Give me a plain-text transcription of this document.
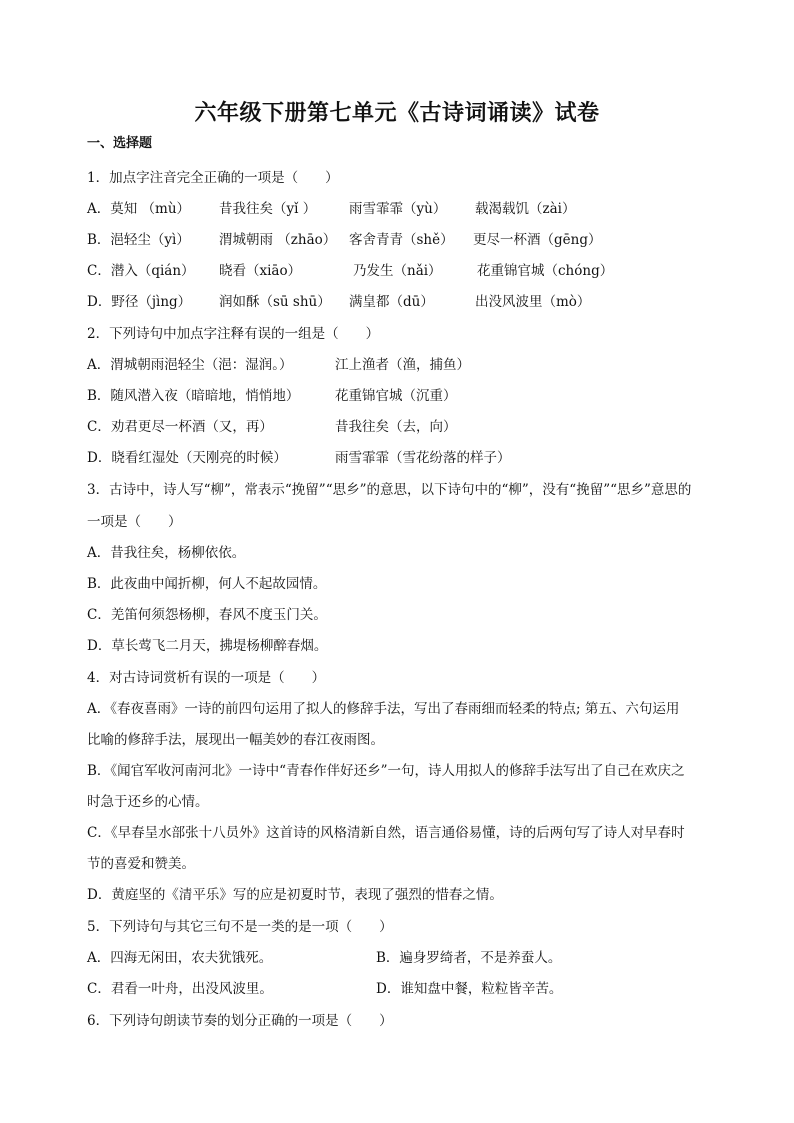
六年级下册第七单元《古诗词诵读》试卷
一、选择题
1．加点字注音完全正确的一项是（　　）
A．莫知 （mù） 昔我往矣（yǐ ） 雨雪霏霏（yù） 载渴载饥（zài）
B．浥轻尘（yì） 渭城朝雨 （zhāo） 客舍青青（shě） 更尽一杯酒（gēng）
C．潜入（qián） 晓看（xiāo）	乃发生（nǎi）	花重锦官城（chóng）
D．野径（jìng） 润如酥（sū shū） 满皇都（dū）	出没风波里（mò）
2．下列诗句中加点字注释有误的一组是（　　）
A．渭城朝雨浥轻尘（浥：湿润。）	江上渔者（渔，捕鱼）
B．随风潜入夜（暗暗地，悄悄地）	花重锦官城（沉重）
C．劝君更尽一杯酒（又，再）	昔我往矣（去，向）
D．晓看红湿处（天刚亮的时候）	雨雪霏霏（雪花纷落的样子）
3．古诗中，诗人写“柳”，常表示“挽留”“思乡”的意思，以下诗句中的“柳”，没有“挽留”“思乡”意思的
一项是（　　）
A．昔我往矣，杨柳依依。
B．此夜曲中闻折柳，何人不起故园情。
C．羌笛何须怨杨柳，春风不度玉门关。
D．草长莺飞二月天，拂堤杨柳醉春烟。
4．对古诗词赏析有误的一项是（　　）
A．《春夜喜雨》一诗的前四句运用了拟人的修辞手法，写出了春雨细而轻柔的特点; 第五、六句运用
比喻的修辞手法，展现出一幅美妙的春江夜雨图。
B．《闻官军收河南河北》一诗中“青春作伴好还乡”一句，诗人用拟人的修辞手法写出了自己在欢庆之
时急于还乡的心情。
C．《早春呈水部张十八员外》这首诗的风格清新自然，语言通俗易懂，诗的后两句写了诗人对早春时
节的喜爱和赞美。
D．黄庭坚的《清平乐》写的应是初夏时节，表现了强烈的惜春之情。
5．下列诗句与其它三句不是一类的是一项（　　）
A．四海无闲田，农夫犹饿死。	B．遍身罗绮者，不是养蚕人。
C．君看一叶舟，出没风波里。	D．谁知盘中餐，粒粒皆辛苦。
6．下列诗句朗读节奏的划分正确的一项是（　　）
